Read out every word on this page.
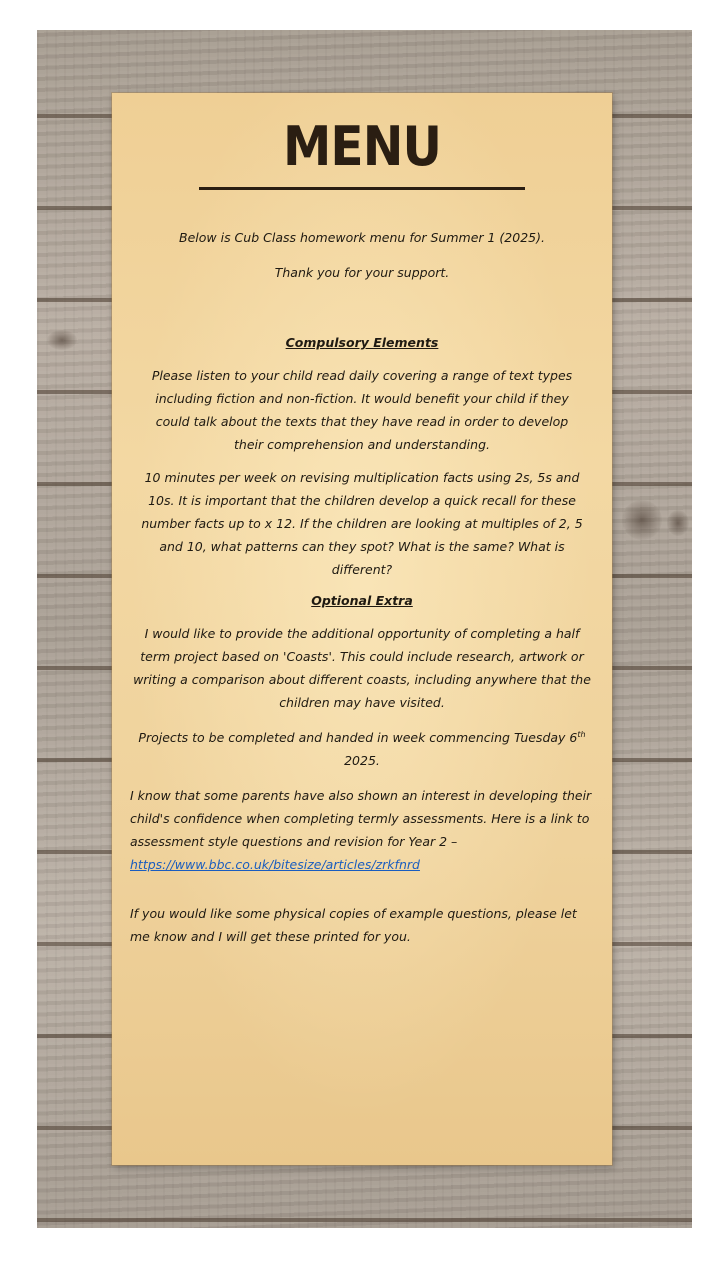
MENU

Below is Cub Class homework menu for Summer 1 (2025).

Thank you for your support.

Compulsory Elements

Please listen to your child read daily covering a range of text types including fiction and non-fiction. It would benefit your child if they could talk about the texts that they have read in order to develop their comprehension and understanding.

10 minutes per week on revising multiplication facts using 2s, 5s and 10s. It is important that the children develop a quick recall for these number facts up to x 12. If the children are looking at multiples of 2, 5 and 10, what patterns can they spot? What is the same? What is different?

Optional Extra

I would like to provide the additional opportunity of completing a half term project based on 'Coasts'. This could include research, artwork or writing a comparison about different coasts, including anywhere that the children may have visited.

Projects to be completed and handed in week commencing Tuesday 6th 2025.

I know that some parents have also shown an interest in developing their child's confidence when completing termly assessments. Here is a link to assessment style questions and revision for Year 2 –

https://www.bbc.co.uk/bitesize/articles/zrkfnrd

If you would like some physical copies of example questions, please let me know and I will get these printed for you.
